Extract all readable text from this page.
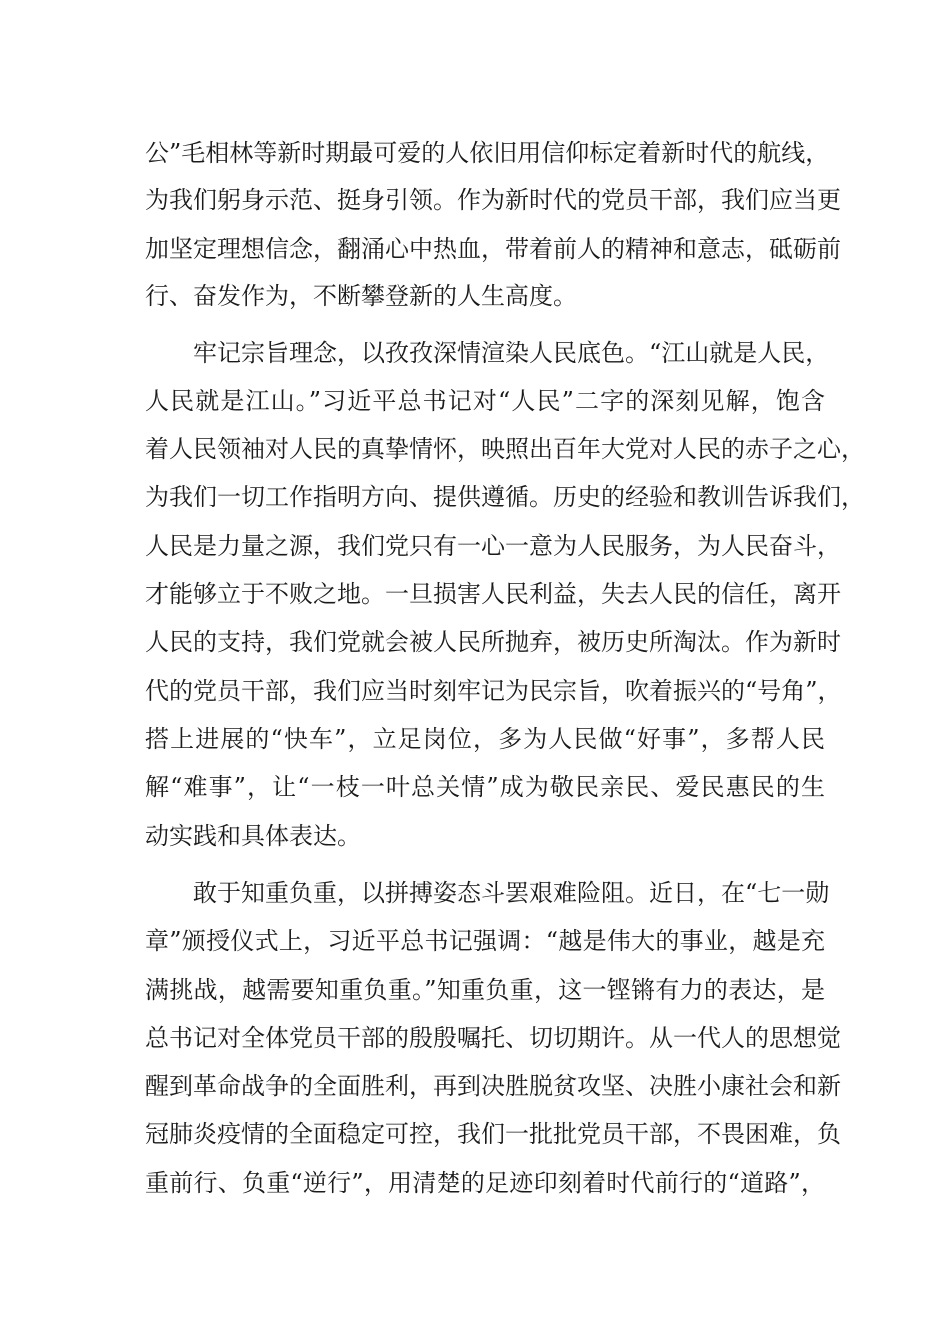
公”毛相林等新时期最可爱的人依旧用信仰标定着新时代的航线，

为我们躬身示范、挺身引领。作为新时代的党员干部，我们应当更

加坚定理想信念，翻涌心中热血，带着前人的精神和意志，砥砺前

行、奋发作为，不断攀登新的人生高度。

牢记宗旨理念，以孜孜深情渲染人民底色。“江山就是人民，

人民就是江山。”习近平总书记对“人民”二字的深刻见解，饱含

着人民领袖对人民的真挚情怀，映照出百年大党对人民的赤子之心，

为我们一切工作指明方向、提供遵循。历史的经验和教训告诉我们，

人民是力量之源，我们党只有一心一意为人民服务，为人民奋斗，

才能够立于不败之地。一旦损害人民利益，失去人民的信任，离开

人民的支持，我们党就会被人民所抛弃，被历史所淘汰。作为新时

代的党员干部，我们应当时刻牢记为民宗旨，吹着振兴的“号角”，

搭上进展的“快车”，立足岗位，多为人民做“好事”，多帮人民

解“难事”，让“一枝一叶总关情”成为敬民亲民、爱民惠民的生

动实践和具体表达。

敢于知重负重，以拼搏姿态斗罢艰难险阻。近日，在“七一勋

章”颁授仪式上，习近平总书记强调：“越是伟大的事业，越是充

满挑战，越需要知重负重。”知重负重，这一铿锵有力的表达，是

总书记对全体党员干部的殷殷嘱托、切切期许。从一代人的思想觉

醒到革命战争的全面胜利，再到决胜脱贫攻坚、决胜小康社会和新

冠肺炎疫情的全面稳定可控，我们一批批党员干部，不畏困难，负

重前行、负重“逆行”，用清楚的足迹印刻着时代前行的“道路”，
